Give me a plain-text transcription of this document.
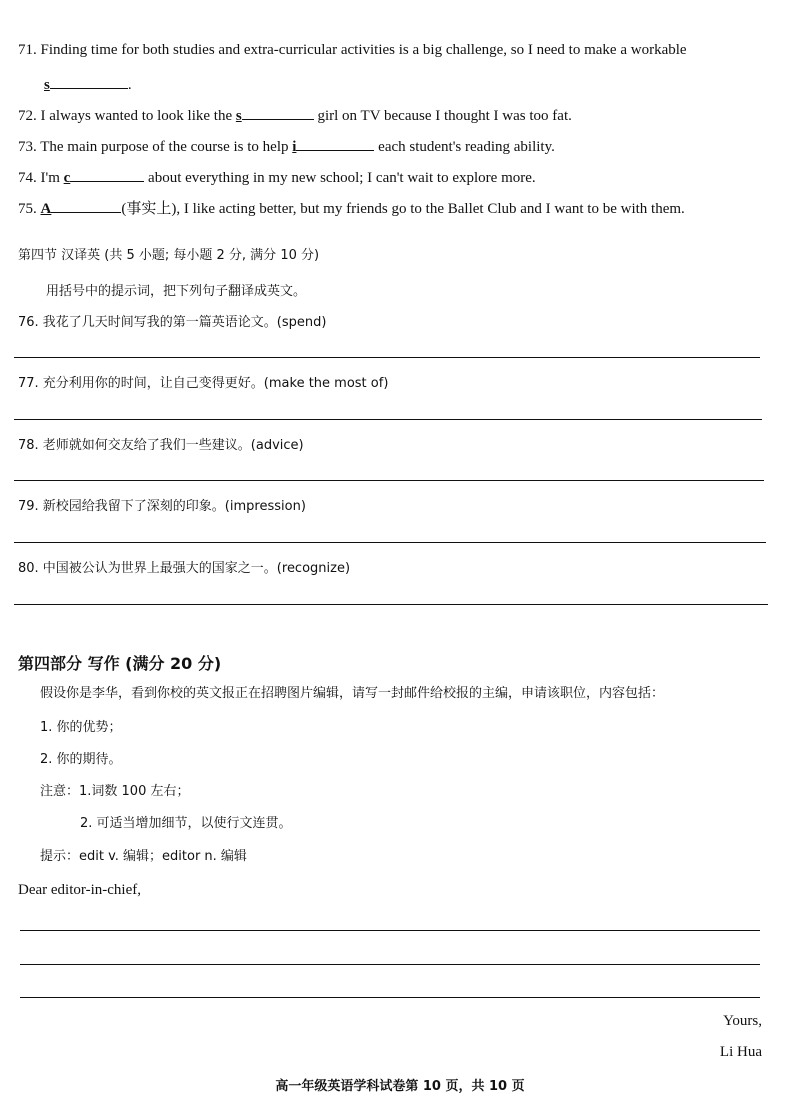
71. Finding time for both studies and extra-curricular activities is a big challenge, so I need to make a workable
s	.
72. I always wanted to look like the s	girl on TV because I thought I was too fat.
73. The main purpose of the course is to help i	each student's reading ability.
74. I'm c	about everything in my new school; I can't wait to explore more.
75. A	(事实上), I like acting better, but my friends go to the Ballet Club and I want to be with them.
第四节 汉译英 (共 5 小题; 每小题 2 分, 满分 10 分)
用括号中的提示词，把下列句子翻译成英文。
76. 我花了几天时间写我的第一篇英语论文。(spend)
77. 充分利用你的时间，让自己变得更好。(make the most of)
78. 老师就如何交友给了我们一些建议。(advice)
79. 新校园给我留下了深刻的印象。(impression)
80. 中国被公认为世界上最强大的国家之一。(recognize)
第四部分 写作 (满分 20 分)
假设你是李华，看到你校的英文报正在招聘图片编辑，请写一封邮件给校报的主编，申请该职位，内容包括：
1. 你的优势；
2. 你的期待。
注意：1.词数 100 左右；
2. 可适当增加细节，以使行文连贯。
提示：edit v. 编辑；editor n. 编辑
Dear editor-in-chief,
Yours,
Li Hua
高一年级英语学科试卷第 10 页，共 10 页
